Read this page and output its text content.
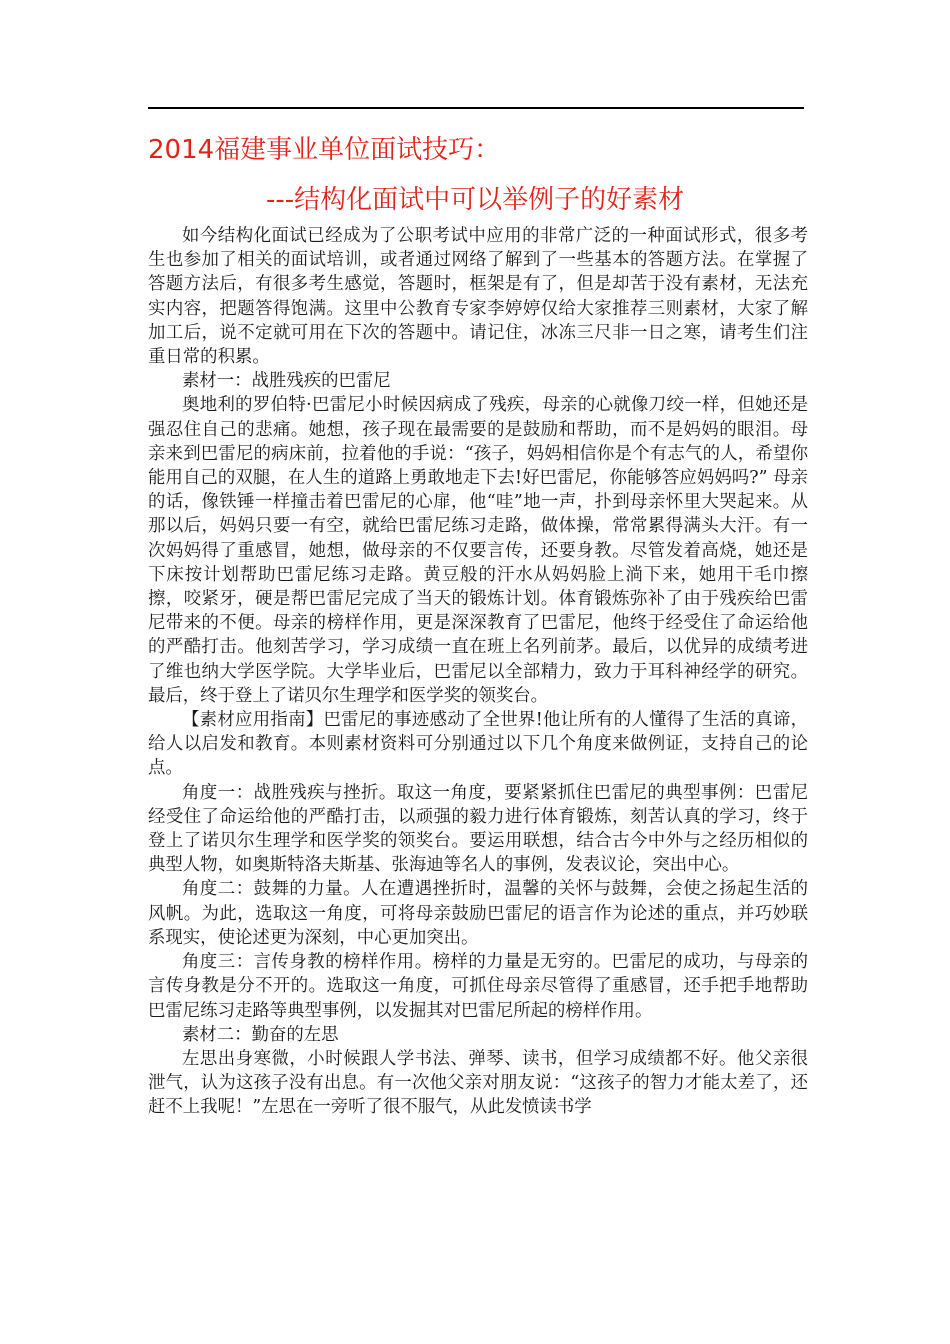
2014福建事业单位面试技巧：
---结构化面试中可以举例子的好素材

如今结构化面试已经成为了公职考试中应用的非常广泛的一种面试形式，很多考生也参加了相关的面试培训，或者通过网络了解到了一些基本的答题方法。在掌握了答题方法后，有很多考生感觉，答题时，框架是有了，但是却苦于没有素材，无法充实内容，把题答得饱满。这里中公教育专家李婷婷仅给大家推荐三则素材，大家了解加工后，说不定就可用在下次的答题中。请记住，冰冻三尺非一日之寒，请考生们注重日常的积累。

素材一：战胜残疾的巴雷尼

奥地利的罗伯特·巴雷尼小时候因病成了残疾，母亲的心就像刀绞一样，但她还是强忍住自己的悲痛。她想，孩子现在最需要的是鼓励和帮助，而不是妈妈的眼泪。母亲来到巴雷尼的病床前，拉着他的手说：“孩子，妈妈相信你是个有志气的人，希望你能用自己的双腿，在人生的道路上勇敢地走下去!好巴雷尼，你能够答应妈妈吗?” 母亲的话，像铁锤一样撞击着巴雷尼的心扉，他“哇”地一声，扑到母亲怀里大哭起来。从那以后，妈妈只要一有空，就给巴雷尼练习走路，做体操，常常累得满头大汗。有一次妈妈得了重感冒，她想，做母亲的不仅要言传，还要身教。尽管发着高烧，她还是下床按计划帮助巴雷尼练习走路。黄豆般的汗水从妈妈脸上淌下来，她用干毛巾擦擦，咬紧牙，硬是帮巴雷尼完成了当天的锻炼计划。体育锻炼弥补了由于残疾给巴雷尼带来的不便。母亲的榜样作用，更是深深教育了巴雷尼，他终于经受住了命运给他的严酷打击。他刻苦学习，学习成绩一直在班上名列前茅。最后，以优异的成绩考进了维也纳大学医学院。大学毕业后，巴雷尼以全部精力，致力于耳科神经学的研究。最后，终于登上了诺贝尔生理学和医学奖的领奖台。

【素材应用指南】巴雷尼的事迹感动了全世界!他让所有的人懂得了生活的真谛，给人以启发和教育。本则素材资料可分别通过以下几个角度来做例证，支持自己的论点。

角度一：战胜残疾与挫折。取这一角度，要紧紧抓住巴雷尼的典型事例：巴雷尼经受住了命运给他的严酷打击，以顽强的毅力进行体育锻炼，刻苦认真的学习，终于登上了诺贝尔生理学和医学奖的领奖台。要运用联想，结合古今中外与之经历相似的典型人物，如奥斯特洛夫斯基、张海迪等名人的事例，发表议论，突出中心。

角度二：鼓舞的力量。人在遭遇挫折时，温馨的关怀与鼓舞，会使之扬起生活的风帆。为此，选取这一角度，可将母亲鼓励巴雷尼的语言作为论述的重点，并巧妙联系现实，使论述更为深刻，中心更加突出。

角度三：言传身教的榜样作用。榜样的力量是无穷的。巴雷尼的成功，与母亲的言传身教是分不开的。选取这一角度，可抓住母亲尽管得了重感冒，还手把手地帮助巴雷尼练习走路等典型事例，以发掘其对巴雷尼所起的榜样作用。

素材二：勤奋的左思

左思出身寒微，小时候跟人学书法、弹琴、读书，但学习成绩都不好。他父亲很泄气，认为这孩子没有出息。有一次他父亲对朋友说：“这孩子的智力才能太差了，还赶不上我呢！”左思在一旁听了很不服气，从此发愤读书学
